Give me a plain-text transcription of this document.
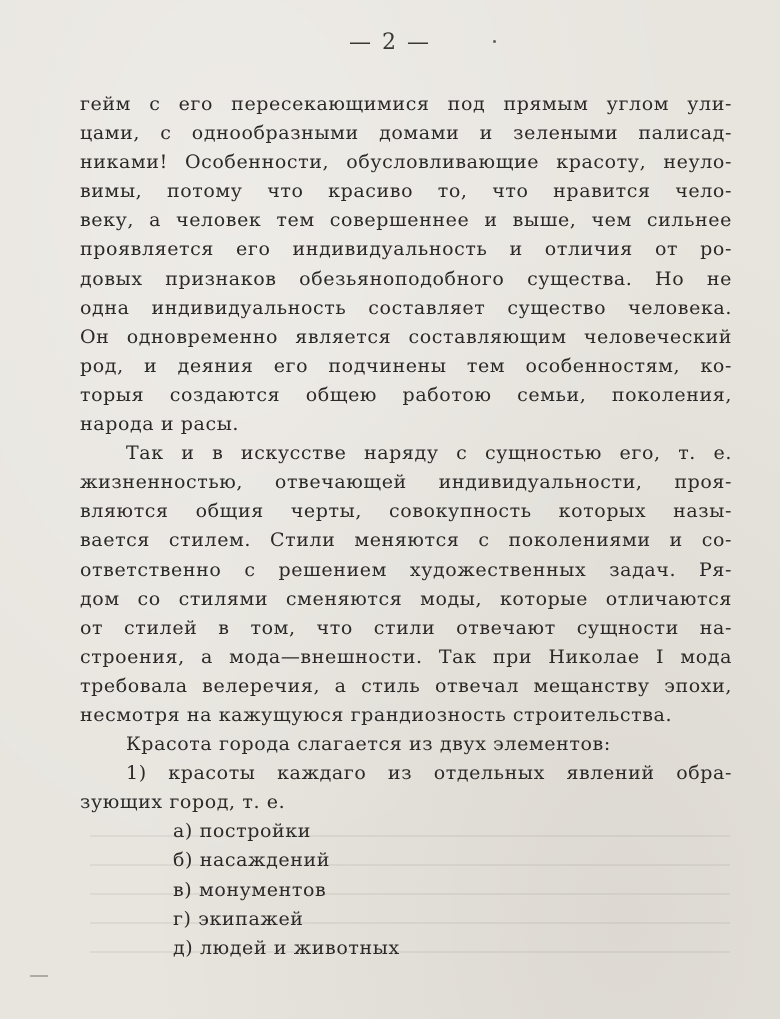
— 2 —
гейм с его пересекающимися под прямым углом ули-
цами, с однообразными домами и зелеными палисад-
никами! Особенности, обусловливающие красоту, неуло-
вимы, потому что красиво то, что нравится чело-
веку, а человек тем совершеннее и выше, чем сильнее
проявляется его индивидуальность и отличия от ро-
довых признаков обезьяноподобного существа. Но не
одна индивидуальность составляет существо человека.
Он одновременно является составляющим человеческий
род, и деяния его подчинены тем особенностям, ко-
торыя создаются общею работою семьи, поколения,
народа и расы.
Так и в искусстве наряду с сущностью его, т. е.
жизненностью, отвечающей индивидуальности, проя-
вляются общия черты, совокупность которых назы-
вается стилем. Стили меняются с поколениями и со-
ответственно с решением художественных задач. Ря-
дом со стилями сменяются моды, которые отличаются
от стилей в том, что стили отвечают сущности на-
строения, а мода—внешности. Так при Николае I мода
требовала велеречия, а стиль отвечал мещанству эпохи,
несмотря на кажущуюся грандиозность строительства.
Красота города слагается из двух элементов:
1) красоты каждаго из отдельных явлений обра-
зующих город, т. е.
а) постройки
б) насаждений
в) монументов
г) экипажей
д) людей и животных
